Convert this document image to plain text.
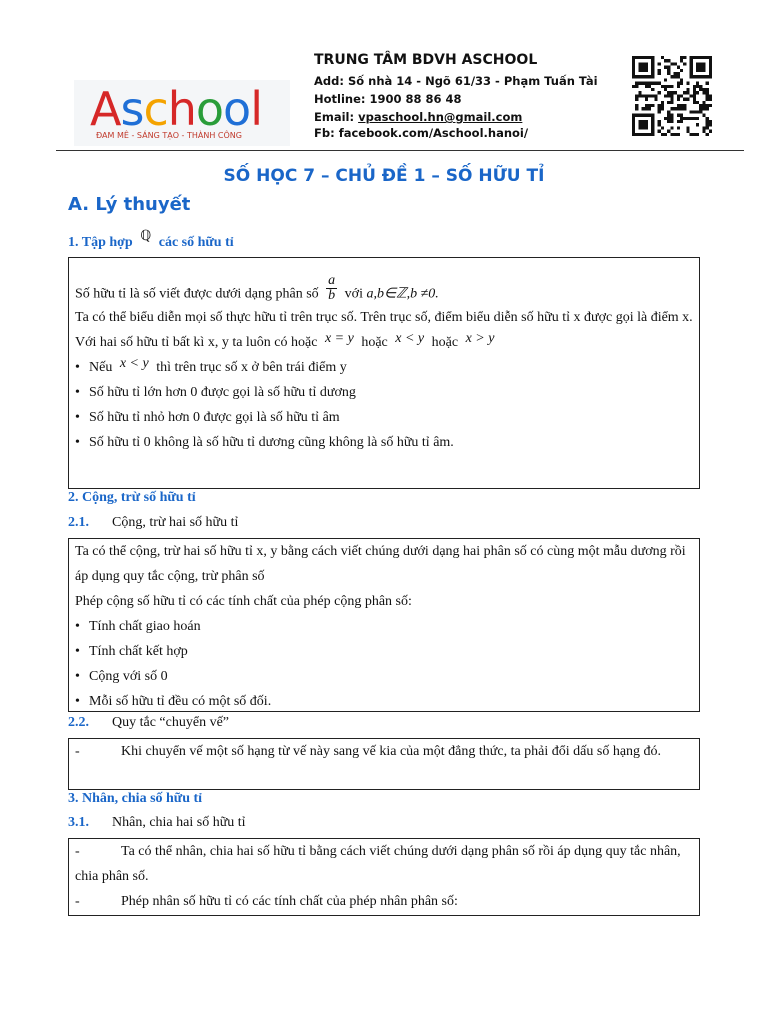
Aschool
ĐAM MÊ - SÁNG TẠO - THÀNH CÔNG
TRUNG TÂM BDVH ASCHOOL
Add: Số nhà 14 - Ngõ 61/33 - Phạm Tuấn Tài
Hotline: 1900 88 86 48
Email: vpaschool.hn@gmail.com
Fb: facebook.com/Aschool.hanoi/
SỐ HỌC 7 – CHỦ ĐỀ 1 – SỐ HỮU TỈ
A. Lý thuyết
1. Tập hợp ℚ các số hữu tỉ
Số hữu tỉ là số viết được dưới dạng phân số $\frac{a}{b}$ với a,b∈ℤ,b ≠0.
Ta có thể biểu diễn mọi số thực hữu tỉ trên trục số. Trên trục số, điểm biểu diễn số hữu tỉ x được gọi là điểm x.
Với hai số hữu tỉ bất kì x, y ta luôn có hoặc x = y hoặc x < y hoặc x > y
• Nếu x < y thì trên trục số x ở bên trái điểm y
• Số hữu tỉ lớn hơn 0 được gọi là số hữu tỉ dương
• Số hữu tỉ nhỏ hơn 0 được gọi là số hữu tỉ âm
• Số hữu tỉ 0 không là số hữu tỉ dương cũng không là số hữu tỉ âm.
2. Cộng, trừ số hữu tỉ
2.1. Cộng, trừ hai số hữu tỉ
Ta có thể cộng, trừ hai số hữu tỉ x, y bằng cách viết chúng dưới dạng hai phân số có cùng một mẫu dương rồi áp dụng quy tắc cộng, trừ phân số
Phép cộng số hữu tỉ có các tính chất của phép cộng phân số:
• Tính chất giao hoán
• Tính chất kết hợp
• Cộng với số 0
• Mỗi số hữu tỉ đều có một số đối.
2.2. Quy tắc “chuyển vế”
-	Khi chuyển vế một số hạng từ vế này sang vế kia của một đẳng thức, ta phải đổi dấu số hạng đó.
3. Nhân, chia số hữu tỉ
3.1. Nhân, chia hai số hữu tỉ
-	Ta có thể nhân, chia hai số hữu tỉ bằng cách viết chúng dưới dạng phân số rồi áp dụng quy tắc nhân, chia phân số.
-	Phép nhân số hữu tỉ có các tính chất của phép nhân phân số:
